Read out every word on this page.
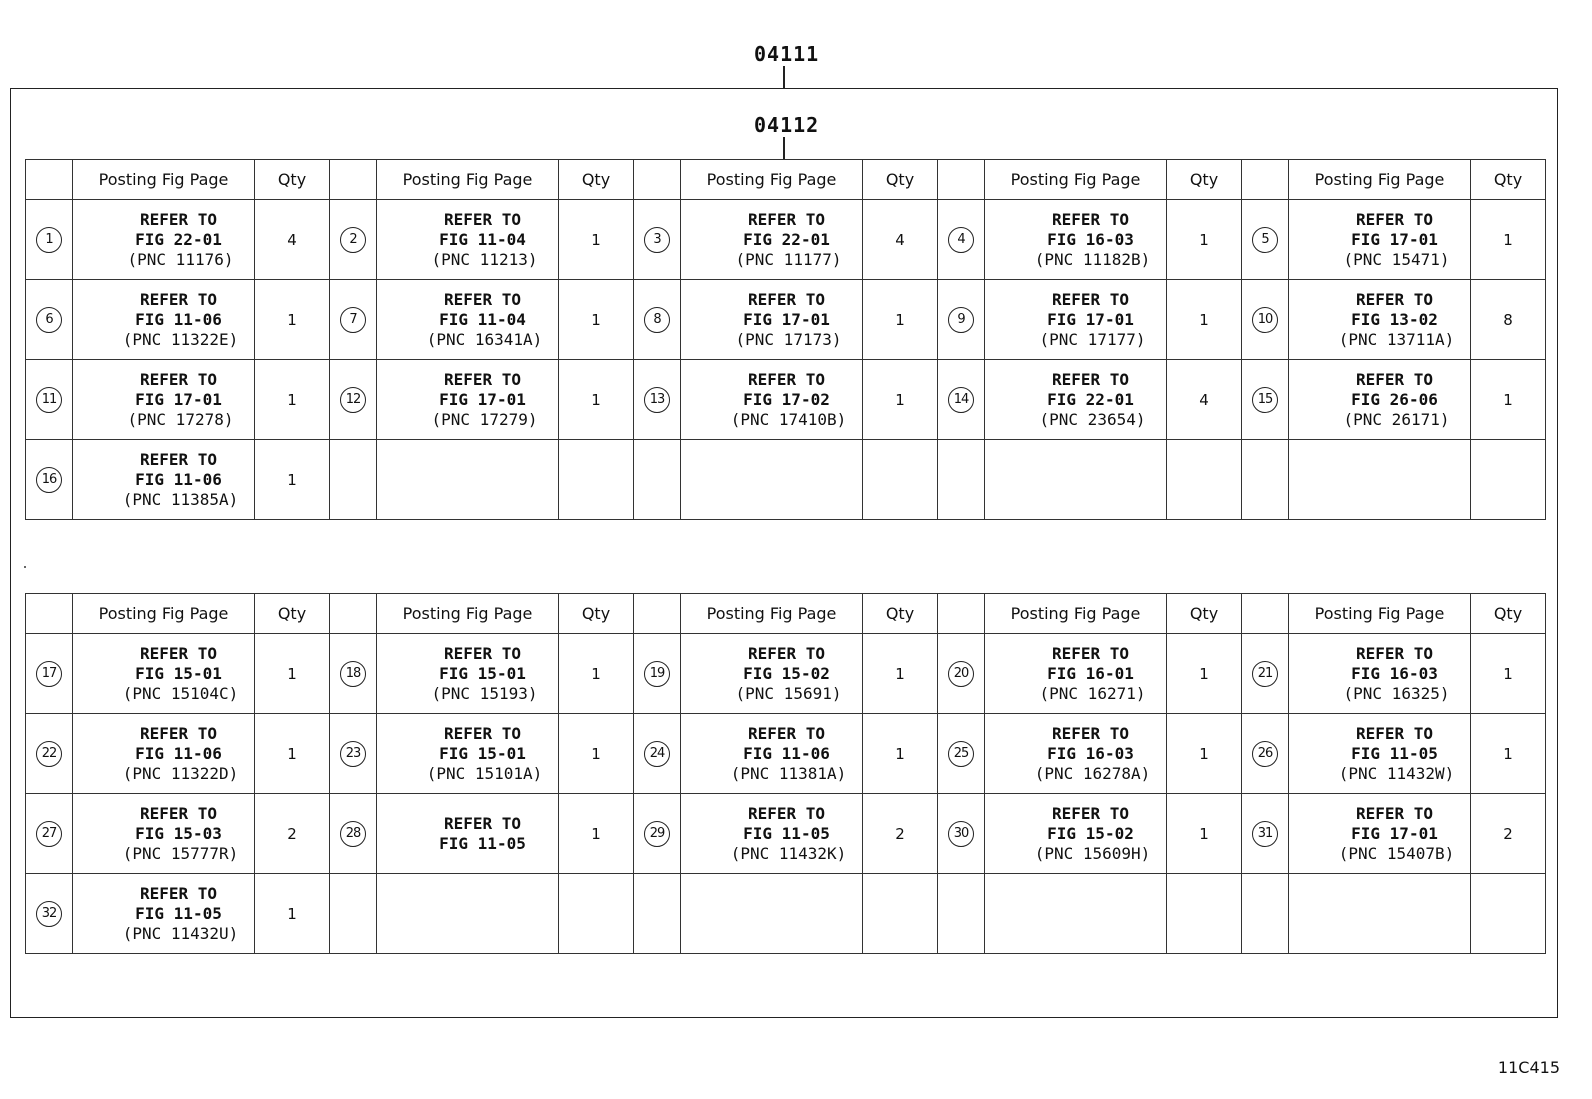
04111
04112
	Posting Fig Page	Qty		Posting Fig Page	Qty		Posting Fig Page	Qty		Posting Fig Page	Qty		Posting Fig Page	Qty
1	REFER TO
FIG 22-01
(PNC 11176)	4	2	REFER TO
FIG 11-04
(PNC 11213)	1	3	REFER TO
FIG 22-01
(PNC 11177)	4	4	REFER TO
FIG 16-03
(PNC 11182B)	1	5	REFER TO
FIG 17-01
(PNC 15471)	1
6	REFER TO
FIG 11-06
(PNC 11322E)	1	7	REFER TO
FIG 11-04
(PNC 16341A)	1	8	REFER TO
FIG 17-01
(PNC 17173)	1	9	REFER TO
FIG 17-01
(PNC 17177)	1	10	REFER TO
FIG 13-02
(PNC 13711A)	8
11	REFER TO
FIG 17-01
(PNC 17278)	1	12	REFER TO
FIG 17-01
(PNC 17279)	1	13	REFER TO
FIG 17-02
(PNC 17410B)	1	14	REFER TO
FIG 22-01
(PNC 23654)	4	15	REFER TO
FIG 26-06
(PNC 26171)	1
16	REFER TO
FIG 11-06
(PNC 11385A)	1												
	Posting Fig Page	Qty		Posting Fig Page	Qty		Posting Fig Page	Qty		Posting Fig Page	Qty		Posting Fig Page	Qty
17	REFER TO
FIG 15-01
(PNC 15104C)	1	18	REFER TO
FIG 15-01
(PNC 15193)	1	19	REFER TO
FIG 15-02
(PNC 15691)	1	20	REFER TO
FIG 16-01
(PNC 16271)	1	21	REFER TO
FIG 16-03
(PNC 16325)	1
22	REFER TO
FIG 11-06
(PNC 11322D)	1	23	REFER TO
FIG 15-01
(PNC 15101A)	1	24	REFER TO
FIG 11-06
(PNC 11381A)	1	25	REFER TO
FIG 16-03
(PNC 16278A)	1	26	REFER TO
FIG 11-05
(PNC 11432W)	1
27	REFER TO
FIG 15-03
(PNC 15777R)	2	28	REFER TO
FIG 11-05	1	29	REFER TO
FIG 11-05
(PNC 11432K)	2	30	REFER TO
FIG 15-02
(PNC 15609H)	1	31	REFER TO
FIG 17-01
(PNC 15407B)	2
32	REFER TO
FIG 11-05
(PNC 11432U)	1												
11C415
